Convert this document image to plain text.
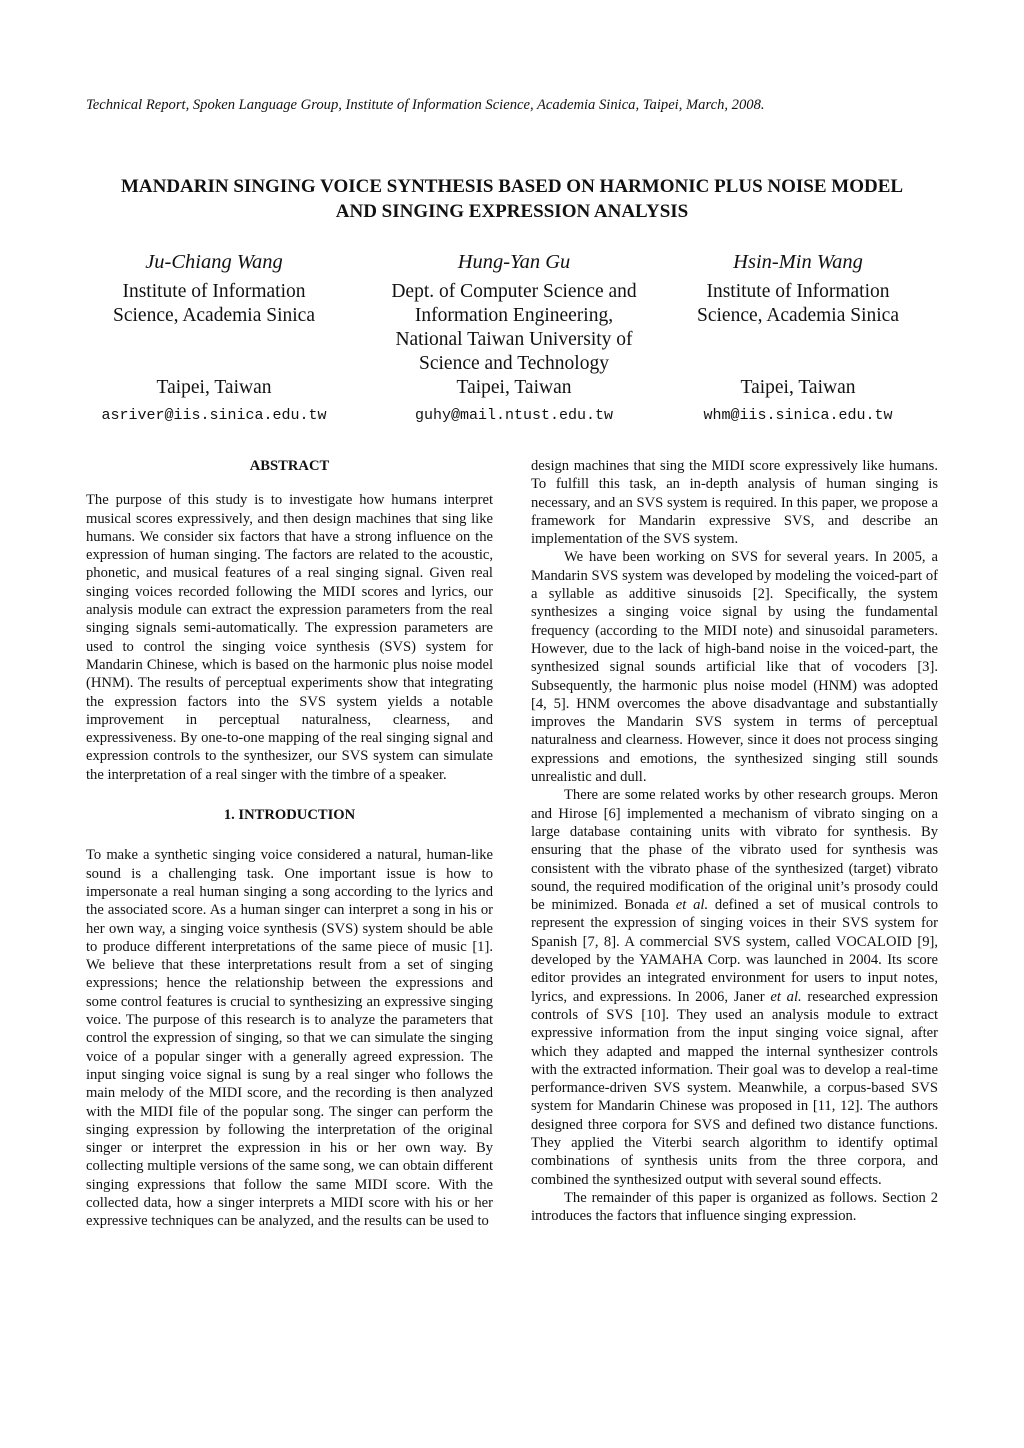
Technical Report, Spoken Language Group, Institute of Information Science, Academia Sinica, Taipei, March, 2008.
MANDARIN SINGING VOICE SYNTHESIS BASED ON HARMONIC PLUS NOISE MODEL
AND SINGING EXPRESSION ANALYSIS
Ju-Chiang Wang
Institute of Information
Science, Academia Sinica
Taipei, Taiwan
asriver@iis.sinica.edu.tw
Hung-Yan Gu
Dept. of Computer Science and
Information Engineering,
National Taiwan University of
Science and Technology
Taipei, Taiwan
guhy@mail.ntust.edu.tw
Hsin-Min Wang
Institute of Information
Science, Academia Sinica
Taipei, Taiwan
whm@iis.sinica.edu.tw
ABSTRACT

The purpose of this study is to investigate how humans interpret musical scores expressively, and then design machines that sing like humans. We consider six factors that have a strong influence on the expression of human singing. The factors are related to the acoustic, phonetic, and musical features of a real singing signal. Given real singing voices recorded following the MIDI scores and lyrics, our analysis module can extract the expression parameters from the real singing signals semi-automatically. The expression parameters are used to control the singing voice synthesis (SVS) system for Mandarin Chinese, which is based on the harmonic plus noise model (HNM). The results of perceptual experiments show that integrating the expression factors into the SVS system yields a notable improvement in perceptual naturalness, clearness, and expressiveness. By one-to-one mapping of the real singing signal and expression controls to the synthesizer, our SVS system can simulate the interpretation of a real singer with the timbre of a speaker.

1. INTRODUCTION

To make a synthetic singing voice considered a natural, human-like sound is a challenging task. One important issue is how to impersonate a real human singing a song according to the lyrics and the associated score. As a human singer can interpret a song in his or her own way, a singing voice synthesis (SVS) system should be able to produce different interpretations of the same piece of music [1]. We believe that these interpretations result from a set of singing expressions; hence the relationship between the expressions and some control features is crucial to synthesizing an expressive singing voice. The purpose of this research is to analyze the parameters that control the expression of singing, so that we can simulate the singing voice of a popular singer with a generally agreed expression. The input singing voice signal is sung by a real singer who follows the main melody of the MIDI score, and the recording is then analyzed with the MIDI file of the popular song. The singer can perform the singing expression by following the interpretation of the original singer or interpret the expression in his or her own way. By collecting multiple versions of the same song, we can obtain different singing expressions that follow the same MIDI score. With the collected data, how a singer interprets a MIDI score with his or her expressive techniques can be analyzed, and the results can be used to

design machines that sing the MIDI score expressively like humans. To fulfill this task, an in-depth analysis of human singing is necessary, and an SVS system is required. In this paper, we propose a framework for Mandarin expressive SVS, and describe an implementation of the SVS system.

We have been working on SVS for several years. In 2005, a Mandarin SVS system was developed by modeling the voiced-part of a syllable as additive sinusoids [2]. Specifically, the system synthesizes a singing voice signal by using the fundamental frequency (according to the MIDI note) and sinusoidal parameters. However, due to the lack of high-band noise in the voiced-part, the synthesized signal sounds artificial like that of vocoders [3]. Subsequently, the harmonic plus noise model (HNM) was adopted [4, 5]. HNM overcomes the above disadvantage and substantially improves the Mandarin SVS system in terms of perceptual naturalness and clearness. However, since it does not process singing expressions and emotions, the synthesized singing still sounds unrealistic and dull.

There are some related works by other research groups. Meron and Hirose [6] implemented a mechanism of vibrato singing on a large database containing units with vibrato for synthesis. By ensuring that the phase of the vibrato used for synthesis was consistent with the vibrato phase of the synthesized (target) vibrato sound, the required modification of the original unit’s prosody could be minimized. Bonada et al. defined a set of musical controls to represent the expression of singing voices in their SVS system for Spanish [7, 8]. A commercial SVS system, called VOCALOID [9], developed by the YAMAHA Corp. was launched in 2004. Its score editor provides an integrated environment for users to input notes, lyrics, and expressions. In 2006, Janer et al. researched expression controls of SVS [10]. They used an analysis module to extract expressive information from the input singing voice signal, after which they adapted and mapped the internal synthesizer controls with the extracted information. Their goal was to develop a real-time performance-driven SVS system. Meanwhile, a corpus-based SVS system for Mandarin Chinese was proposed in [11, 12]. The authors designed three corpora for SVS and defined two distance functions. They applied the Viterbi search algorithm to identify optimal combinations of synthesis units from the three corpora, and combined the synthesized output with several sound effects.

The remainder of this paper is organized as follows. Section 2 introduces the factors that influence singing expression.
